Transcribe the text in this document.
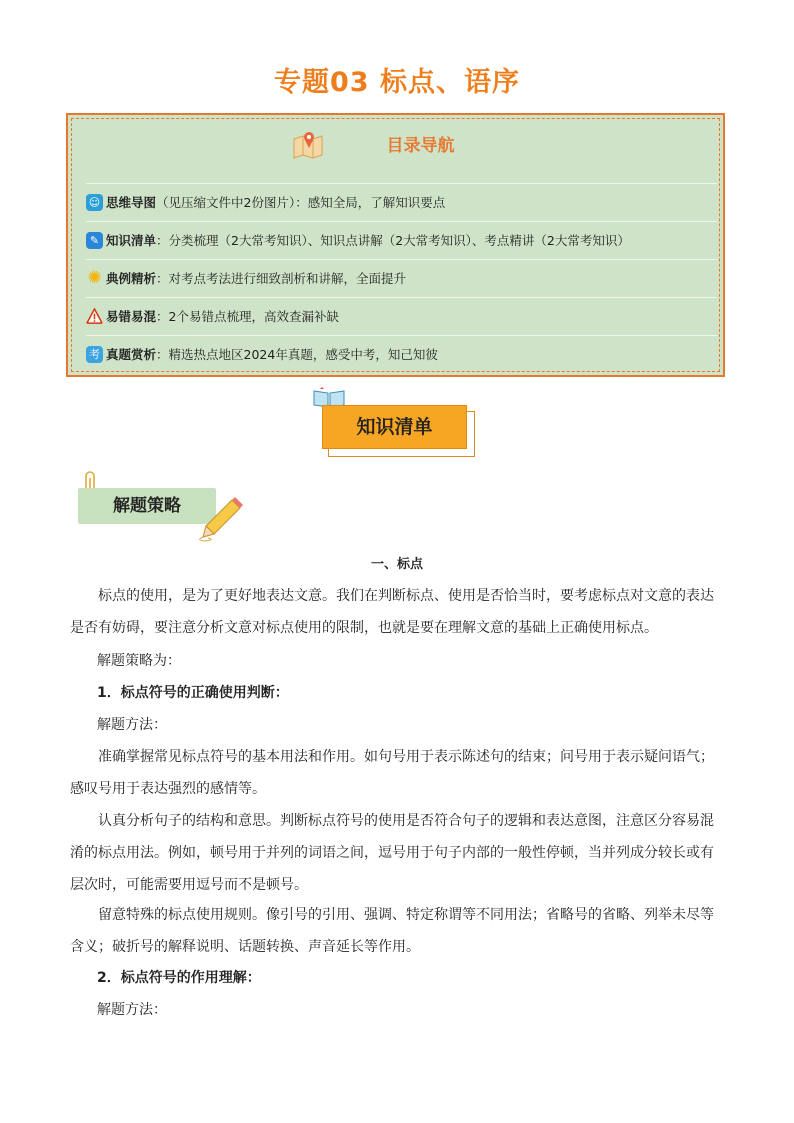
专题03 标点、语序
目录导航
☺ 思维导图 （见压缩文件中2份图片）：感知全局，了解知识要点
✎ 知识清单 ：分类梳理（2大常考知识）、知识点讲解（2大常考知识）、考点精讲（2大常考知识）
✺ 典例精析 ：对考点考法进行细致剖析和讲解，全面提升
易错易混 ：2个易错点梳理，高效查漏补缺
考 真题赏析 ：精选热点地区2024年真题，感受中考，知己知彼
知识清单
解题策略
一、标点
标点的使用，是为了更好地表达文意。我们在判断标点、使用是否恰当时，要考虑标点对文意的表达是否有妨碍，要注意分析文意对标点使用的限制，也就是要在理解文意的基础上正确使用标点。
解题策略为：
1．标点符号的正确使用判断：
解题方法：
准确掌握常见标点符号的基本用法和作用。如句号用于表示陈述句的结束；问号用于表示疑问语气；感叹号用于表达强烈的感情等。
认真分析句子的结构和意思。判断标点符号的使用是否符合句子的逻辑和表达意图，注意区分容易混淆的标点用法。例如，顿号用于并列的词语之间，逗号用于句子内部的一般性停顿，当并列成分较长或有层次时，可能需要用逗号而不是顿号。
留意特殊的标点使用规则。像引号的引用、强调、特定称谓等不同用法；省略号的省略、列举未尽等含义；破折号的解释说明、话题转换、声音延长等作用。
2．标点符号的作用理解：
解题方法：
